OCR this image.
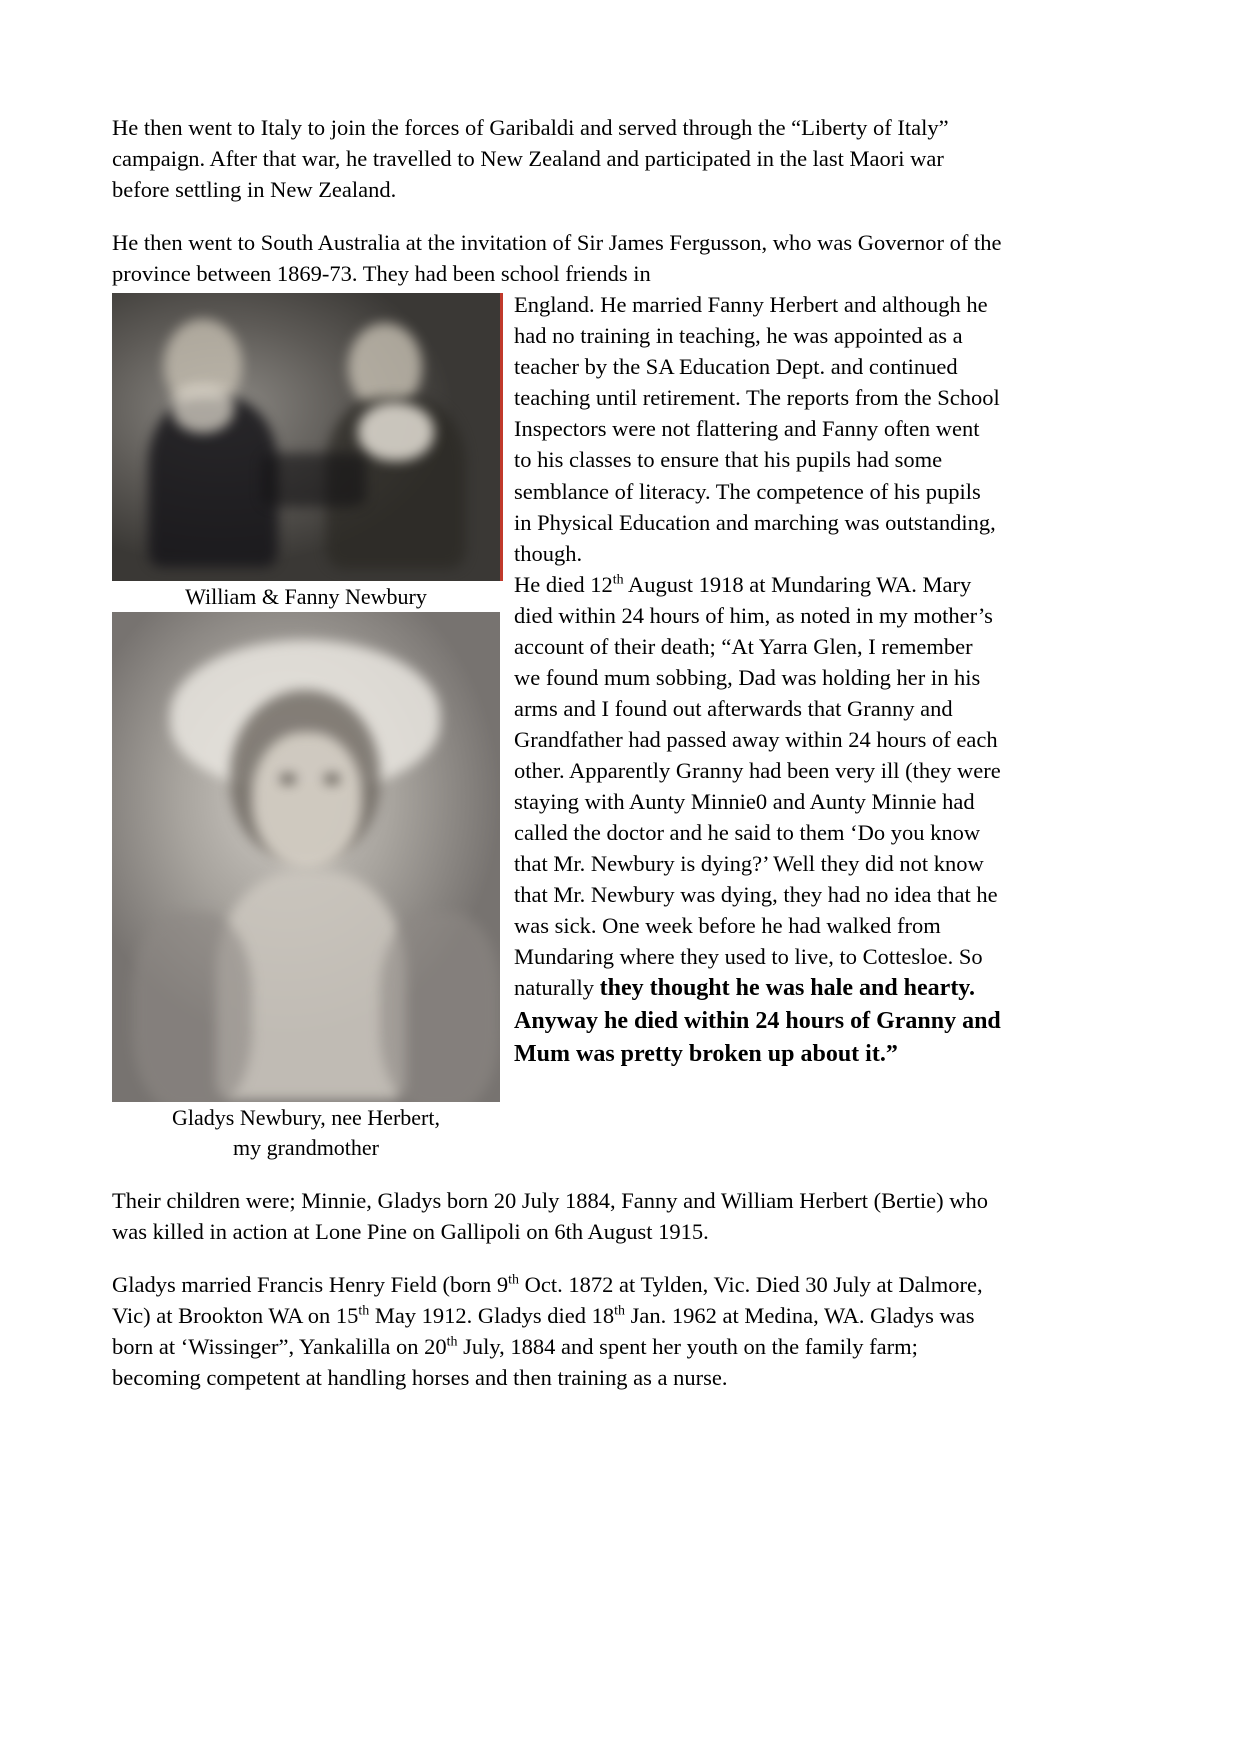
He then went to Italy to join the forces of Garibaldi and served through the “Liberty of Italy” campaign. After that war, he travelled to New Zealand and participated in the last Maori war before settling in New Zealand.

He then went to South Australia at the invitation of Sir James Fergusson, who was Governor of the province between 1869-73. They had been school friends in

William & Fanny Newbury

England. He married Fanny Herbert and although he had no training in teaching, he was appointed as a teacher by the SA Education Dept. and continued teaching until retirement. The reports from the School Inspectors were not flattering and Fanny often went to his classes to ensure that his pupils had some semblance of literacy. The competence of his pupils in Physical Education and marching was outstanding, though.

Gladys Newbury, nee Herbert,
my grandmother

He died 12th August 1918 at Mundaring WA. Mary died within 24 hours of him, as noted in my mother’s account of their death; “At Yarra Glen, I remember we found mum sobbing, Dad was holding her in his arms and I found out afterwards that Granny and Grandfather had passed away within 24 hours of each other. Apparently Granny had been very ill (they were staying with Aunty Minnie0 and Aunty Minnie had called the doctor and he said to them ‘Do you know that Mr. Newbury is dying?’ Well they did not know that Mr. Newbury was dying, they had no idea that he was sick. One week before he had walked from Mundaring where they used to live, to Cottesloe. So naturally they thought he was hale and hearty. Anyway he died within 24 hours of Granny and Mum was pretty broken up about it.”

Their children were; Minnie, Gladys born 20 July 1884, Fanny and William Herbert (Bertie) who was killed in action at Lone Pine on Gallipoli on 6th August 1915.

Gladys married Francis Henry Field (born 9th Oct. 1872 at Tylden, Vic. Died 30 July at Dalmore, Vic) at Brookton WA on 15th May 1912. Gladys died 18th Jan. 1962 at Medina, WA. Gladys was born at ‘Wissinger”, Yankalilla on 20th July, 1884 and spent her youth on the family farm; becoming competent at handling horses and then training as a nurse.
